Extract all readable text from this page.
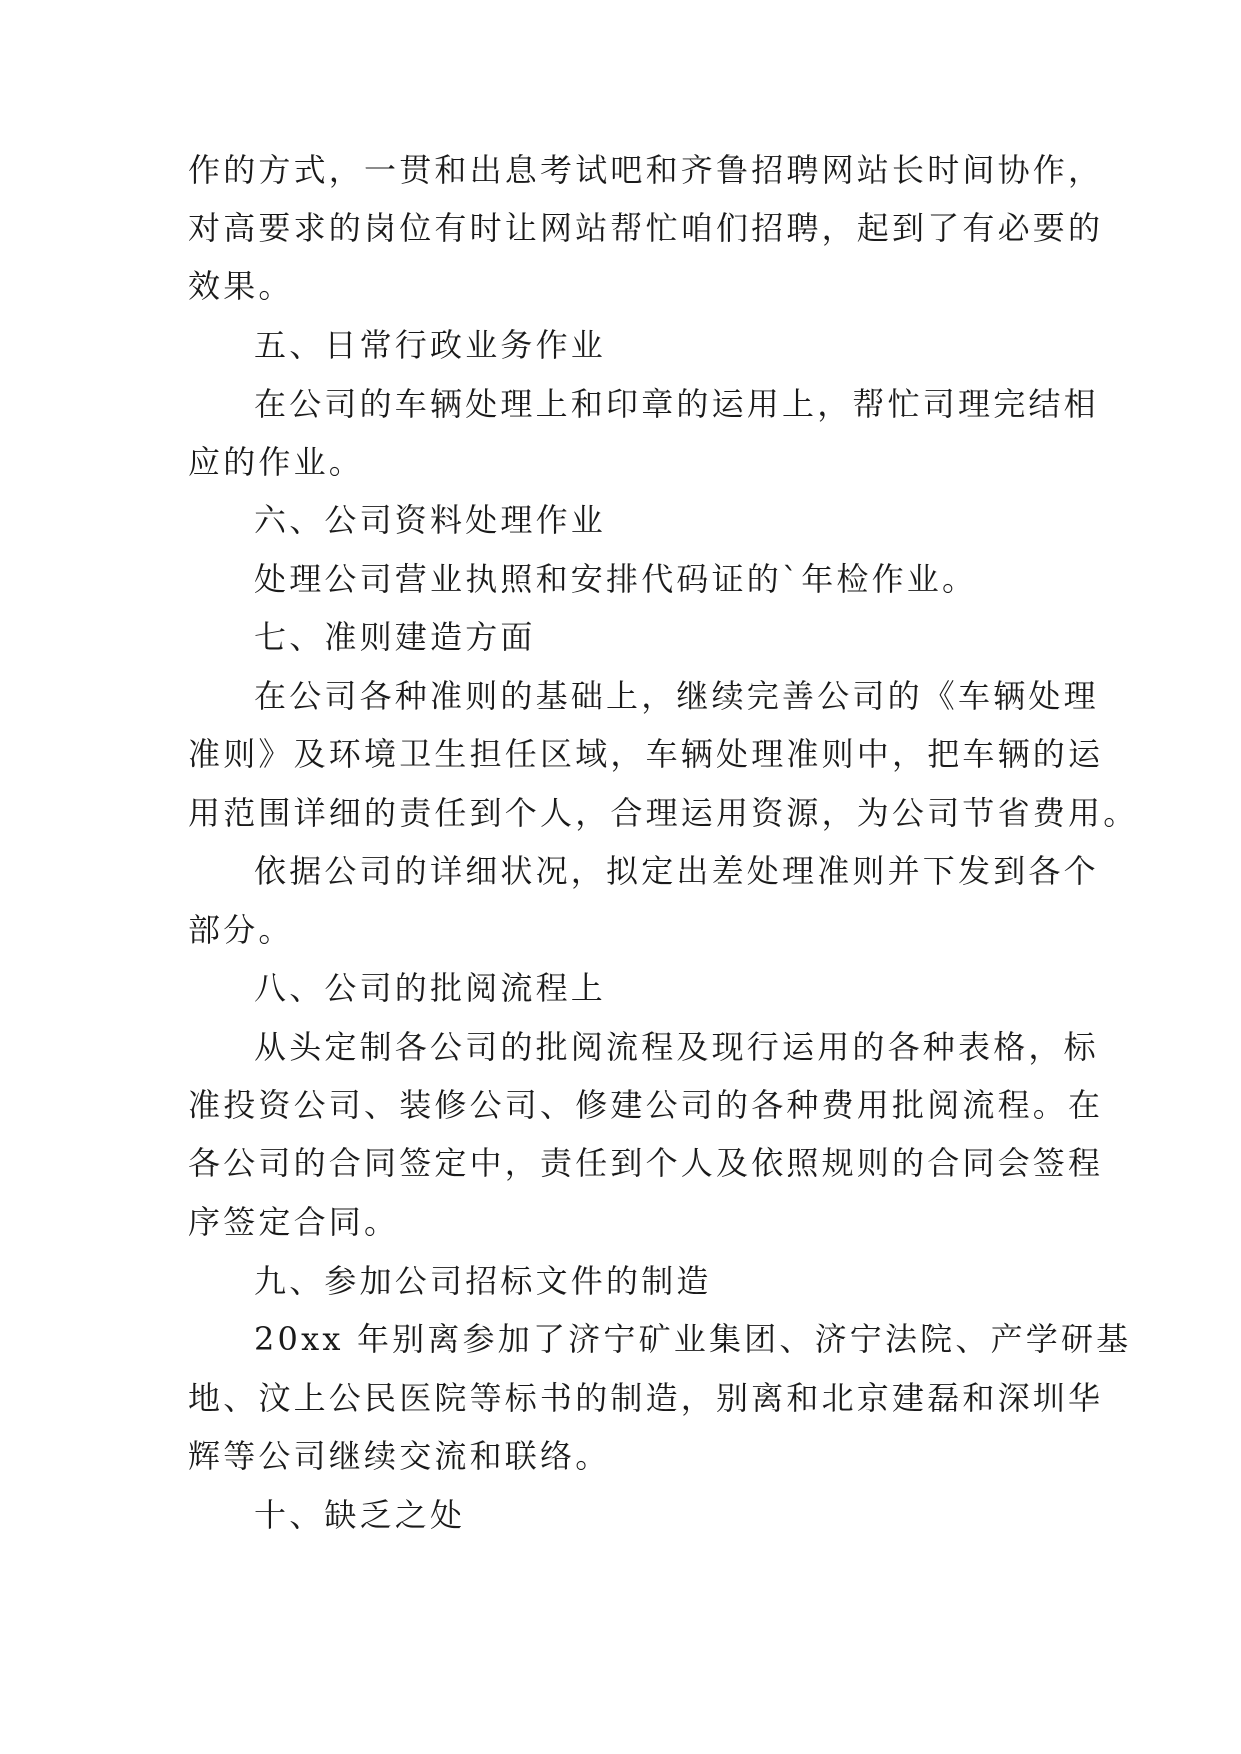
作的方式，一贯和出息考试吧和齐鲁招聘网站长时间协作，
对高要求的岗位有时让网站帮忙咱们招聘，起到了有必要的
效果。
五、日常行政业务作业
在公司的车辆处理上和印章的运用上，帮忙司理完结相
应的作业。
六、公司资料处理作业
处理公司营业执照和安排代码证的`年检作业。
七、准则建造方面
在公司各种准则的基础上，继续完善公司的《车辆处理
准则》及环境卫生担任区域，车辆处理准则中，把车辆的运
用范围详细的责任到个人，合理运用资源，为公司节省费用。
依据公司的详细状况，拟定出差处理准则并下发到各个
部分。
八、公司的批阅流程上
从头定制各公司的批阅流程及现行运用的各种表格，标
准投资公司、装修公司、修建公司的各种费用批阅流程。在
各公司的合同签定中，责任到个人及依照规则的合同会签程
序签定合同。
九、参加公司招标文件的制造
20xx 年别离参加了济宁矿业集团、济宁法院、产学研基
地、汶上公民医院等标书的制造，别离和北京建磊和深圳华
辉等公司继续交流和联络。
十、缺乏之处
